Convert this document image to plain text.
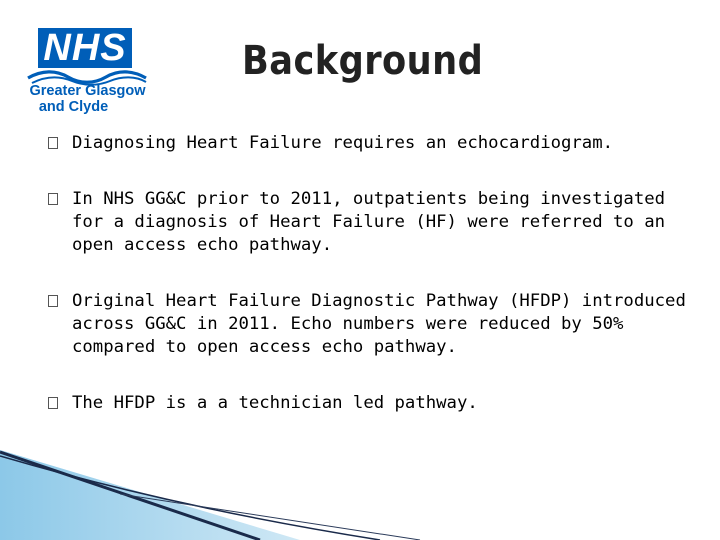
NHS
Greater Glasgow
and Clyde
Background
Diagnosing Heart Failure requires an echocardiogram.
In NHS GG&C prior to 2011, outpatients being investigated for a diagnosis of Heart Failure (HF) were referred to an open access echo pathway.
Original Heart Failure Diagnostic Pathway (HFDP) introduced across GG&C in 2011. Echo numbers were reduced by 50% compared to open access echo pathway.
The HFDP is a a technician led pathway.
